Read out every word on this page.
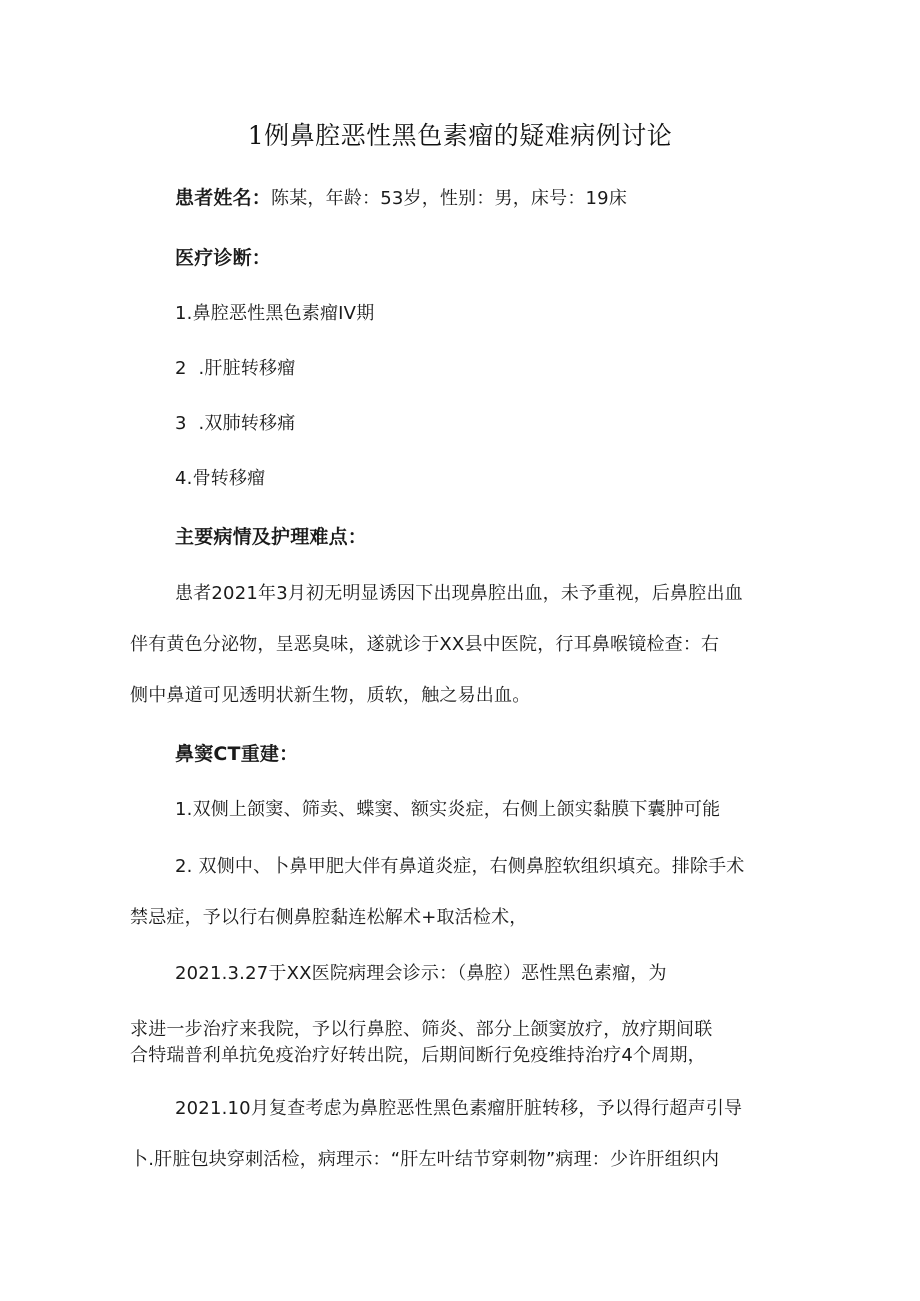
1例鼻腔恶性黑色素瘤的疑难病例讨论
患者姓名：陈某，年龄：53岁，性别：男，床号：19床
医疗诊断：
1.鼻腔恶性黑色素瘤IV期
2  .肝脏转移瘤
3  .双肺转移痛
4.骨转移瘤
主要病情及护理难点：
患者2021年3月初无明显诱因下出现鼻腔出血，未予重视，后鼻腔出血
伴有黄色分泌物，呈恶臭味，遂就诊于XX县中医院，行耳鼻喉镜检查：右
侧中鼻道可见透明状新生物，质软，触之易出血。
鼻窦CT重建：
1.双侧上颌窦、筛卖、蝶窦、额实炎症，右侧上颌实黏膜下囊肿可能
2. 双侧中、卜鼻甲肥大伴有鼻道炎症，右侧鼻腔软组织填充。排除手术
禁忌症，予以行右侧鼻腔黏连松解术+取活检术，
2021.3.27于XX医院病理会诊示：（鼻腔）恶性黑色素瘤，为
求进一步治疗来我院，予以行鼻腔、筛炎、部分上颌窦放疗，放疗期间联
合特瑞普利单抗免疫治疗好转出院，后期间断行免疫维持治疗4个周期，
2021.10月复查考虑为鼻腔恶性黑色素瘤肝脏转移，予以得行超声引导
卜.肝脏包块穿刺活检，病理示：“肝左叶结节穿刺物”病理：少许肝组织内
